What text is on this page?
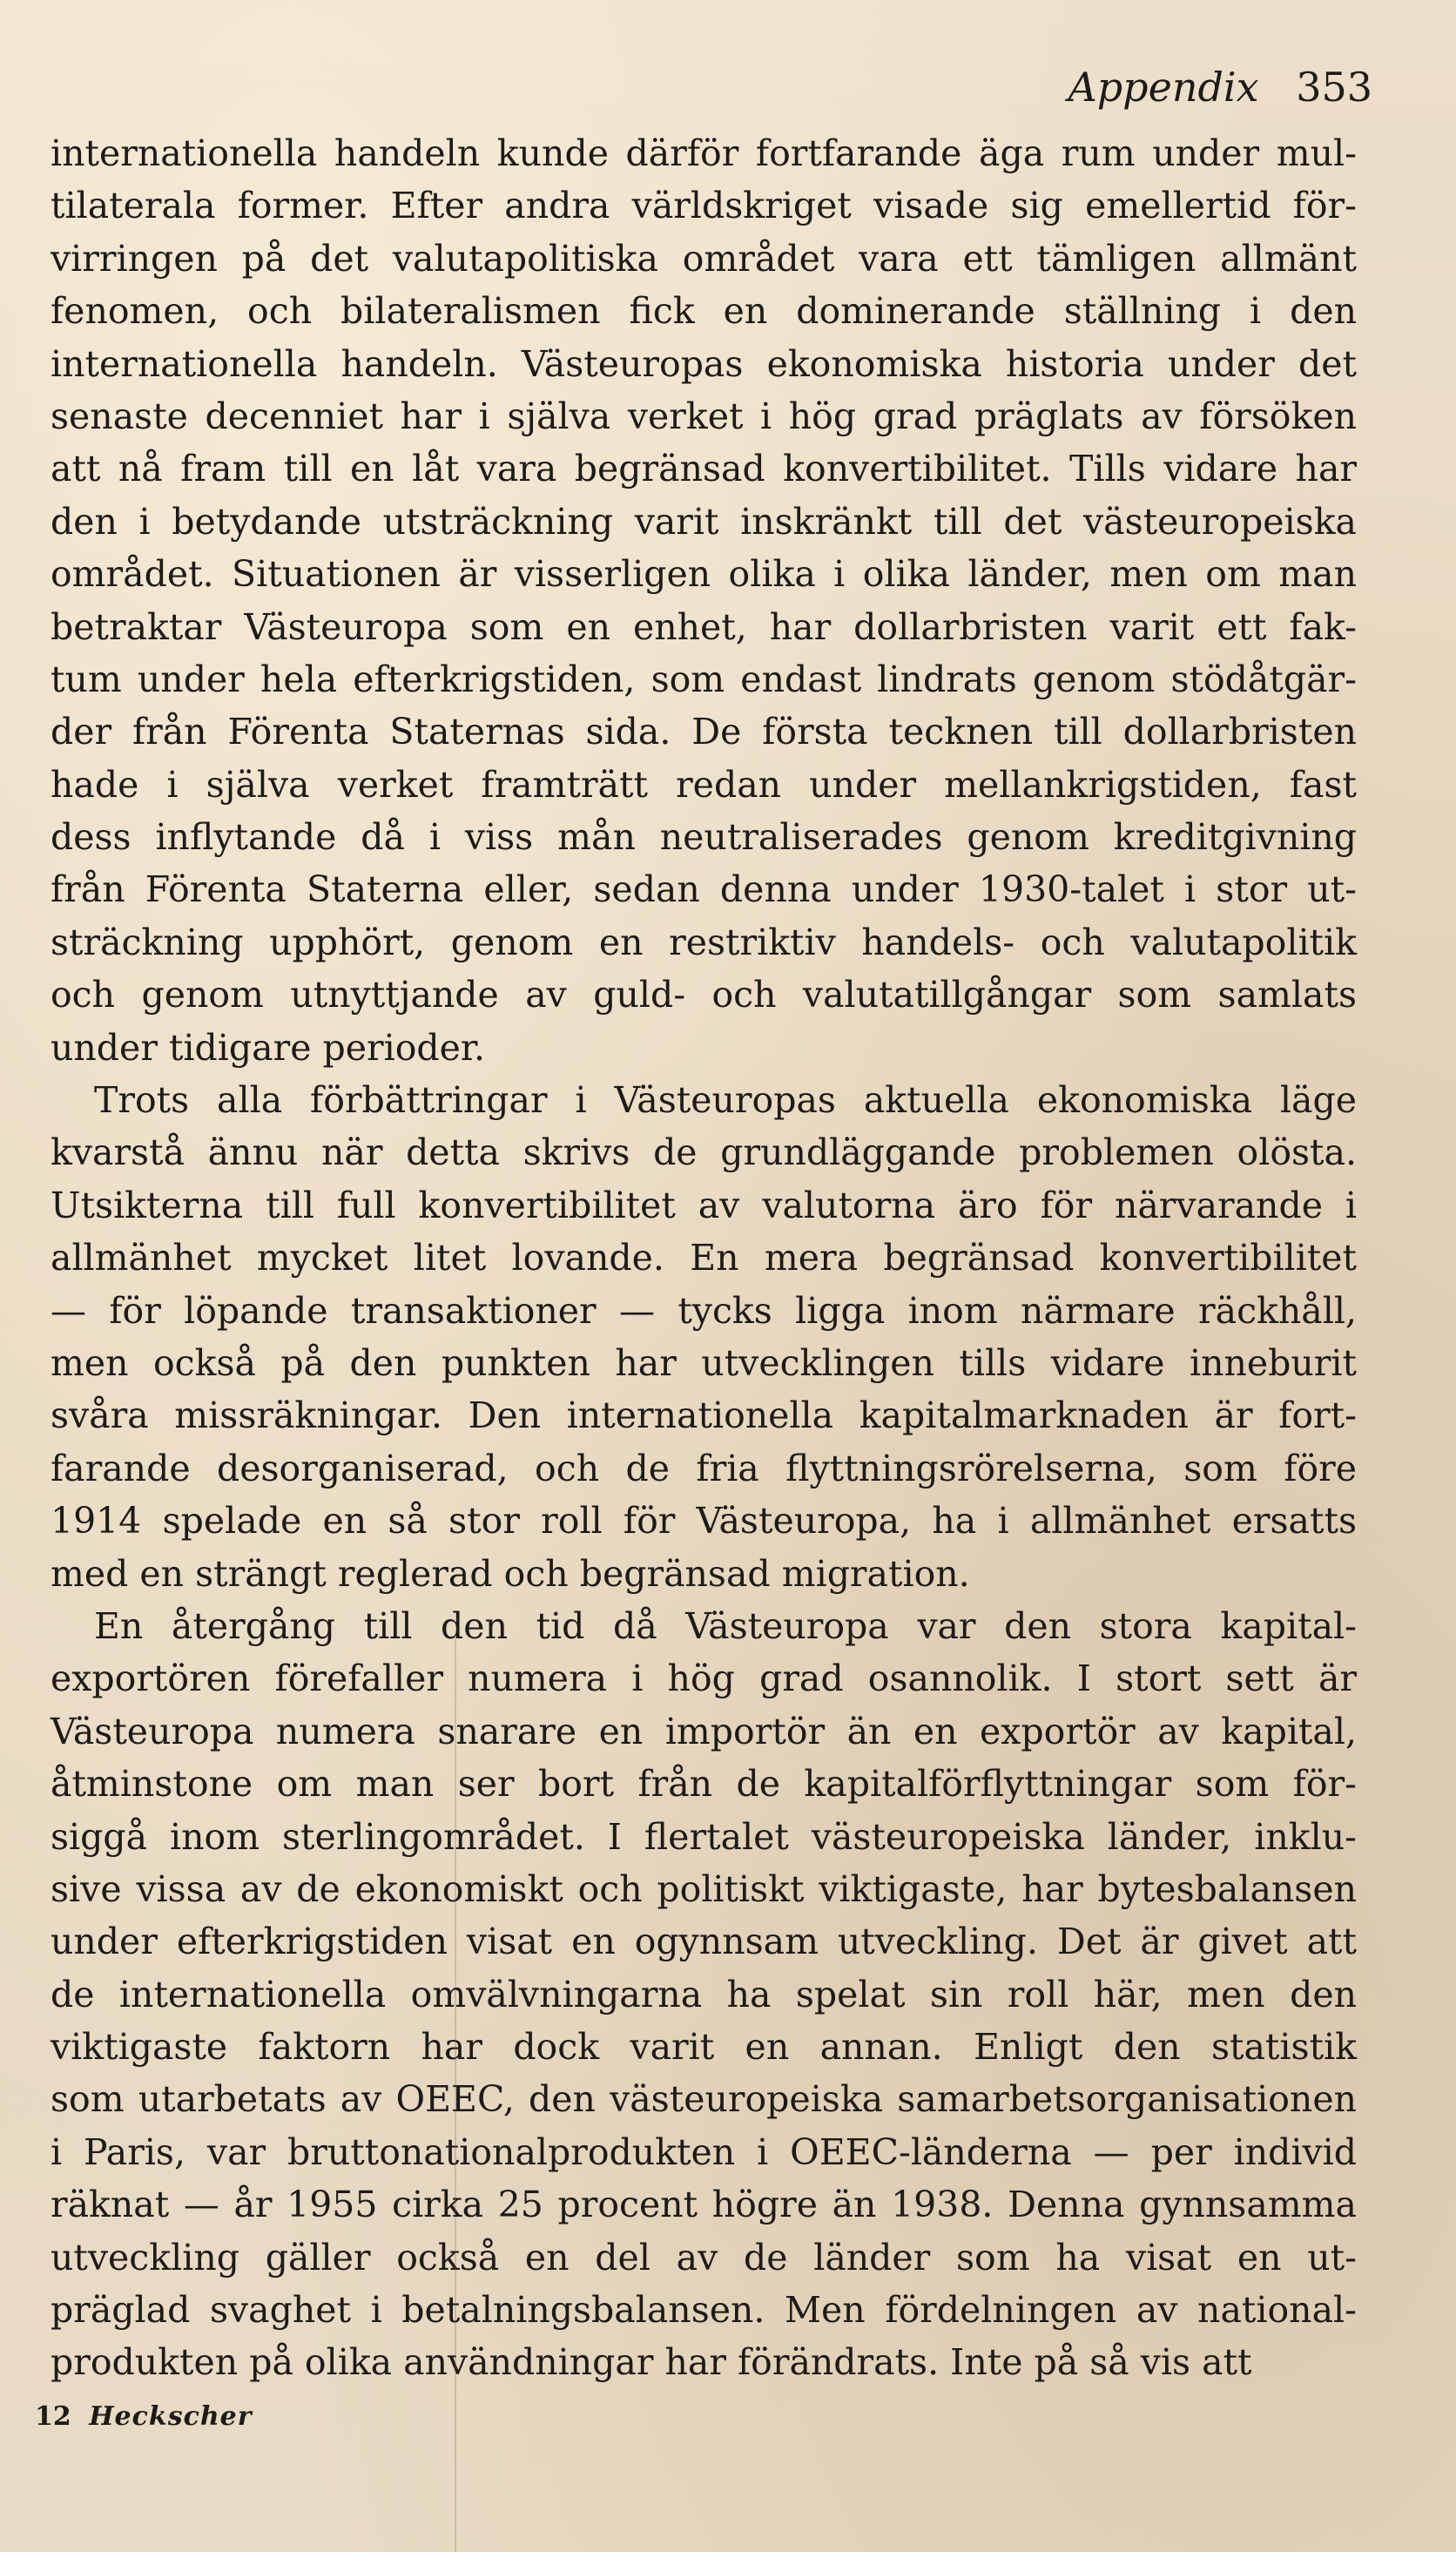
Appendix 353
internationella handeln kunde därför fortfarande äga rum under mul-
tilaterala former. Efter andra världskriget visade sig emellertid för-
virringen på det valutapolitiska området vara ett tämligen allmänt
fenomen, och bilateralismen fick en dominerande ställning i den
internationella handeln. Västeuropas ekonomiska historia under det
senaste decenniet har i själva verket i hög grad präglats av försöken
att nå fram till en låt vara begränsad konvertibilitet. Tills vidare har
den i betydande utsträckning varit inskränkt till det västeuropeiska
området. Situationen är visserligen olika i olika länder, men om man
betraktar Västeuropa som en enhet, har dollarbristen varit ett fak-
tum under hela efterkrigstiden, som endast lindrats genom stödåtgär-
der från Förenta Staternas sida. De första tecknen till dollarbristen
hade i själva verket framträtt redan under mellankrigstiden, fast
dess inflytande då i viss mån neutraliserades genom kreditgivning
från Förenta Staterna eller, sedan denna under 1930-talet i stor ut-
sträckning upphört, genom en restriktiv handels- och valutapolitik
och genom utnyttjande av guld- och valutatillgångar som samlats
under tidigare perioder.
Trots alla förbättringar i Västeuropas aktuella ekonomiska läge
kvarstå ännu när detta skrivs de grundläggande problemen olösta.
Utsikterna till full konvertibilitet av valutorna äro för närvarande i
allmänhet mycket litet lovande. En mera begränsad konvertibilitet
— för löpande transaktioner — tycks ligga inom närmare räckhåll,
men också på den punkten har utvecklingen tills vidare inneburit
svåra missräkningar. Den internationella kapitalmarknaden är fort-
farande desorganiserad, och de fria flyttningsrörelserna, som före
1914 spelade en så stor roll för Västeuropa, ha i allmänhet ersatts
med en strängt reglerad och begränsad migration.
En återgång till den tid då Västeuropa var den stora kapital-
exportören förefaller numera i hög grad osannolik. I stort sett är
Västeuropa numera snarare en importör än en exportör av kapital,
åtminstone om man ser bort från de kapitalförflyttningar som för-
siggå inom sterlingområdet. I flertalet västeuropeiska länder, inklu-
sive vissa av de ekonomiskt och politiskt viktigaste, har bytesbalansen
under efterkrigstiden visat en ogynnsam utveckling. Det är givet att
de internationella omvälvningarna ha spelat sin roll här, men den
viktigaste faktorn har dock varit en annan. Enligt den statistik
som utarbetats av OEEC, den västeuropeiska samarbetsorganisationen
i Paris, var bruttonationalprodukten i OEEC-länderna — per individ
räknat — år 1955 cirka 25 procent högre än 1938. Denna gynnsamma
utveckling gäller också en del av de länder som ha visat en ut-
präglad svaghet i betalningsbalansen. Men fördelningen av national-
produkten på olika användningar har förändrats. Inte på så vis att
12 Heckscher
